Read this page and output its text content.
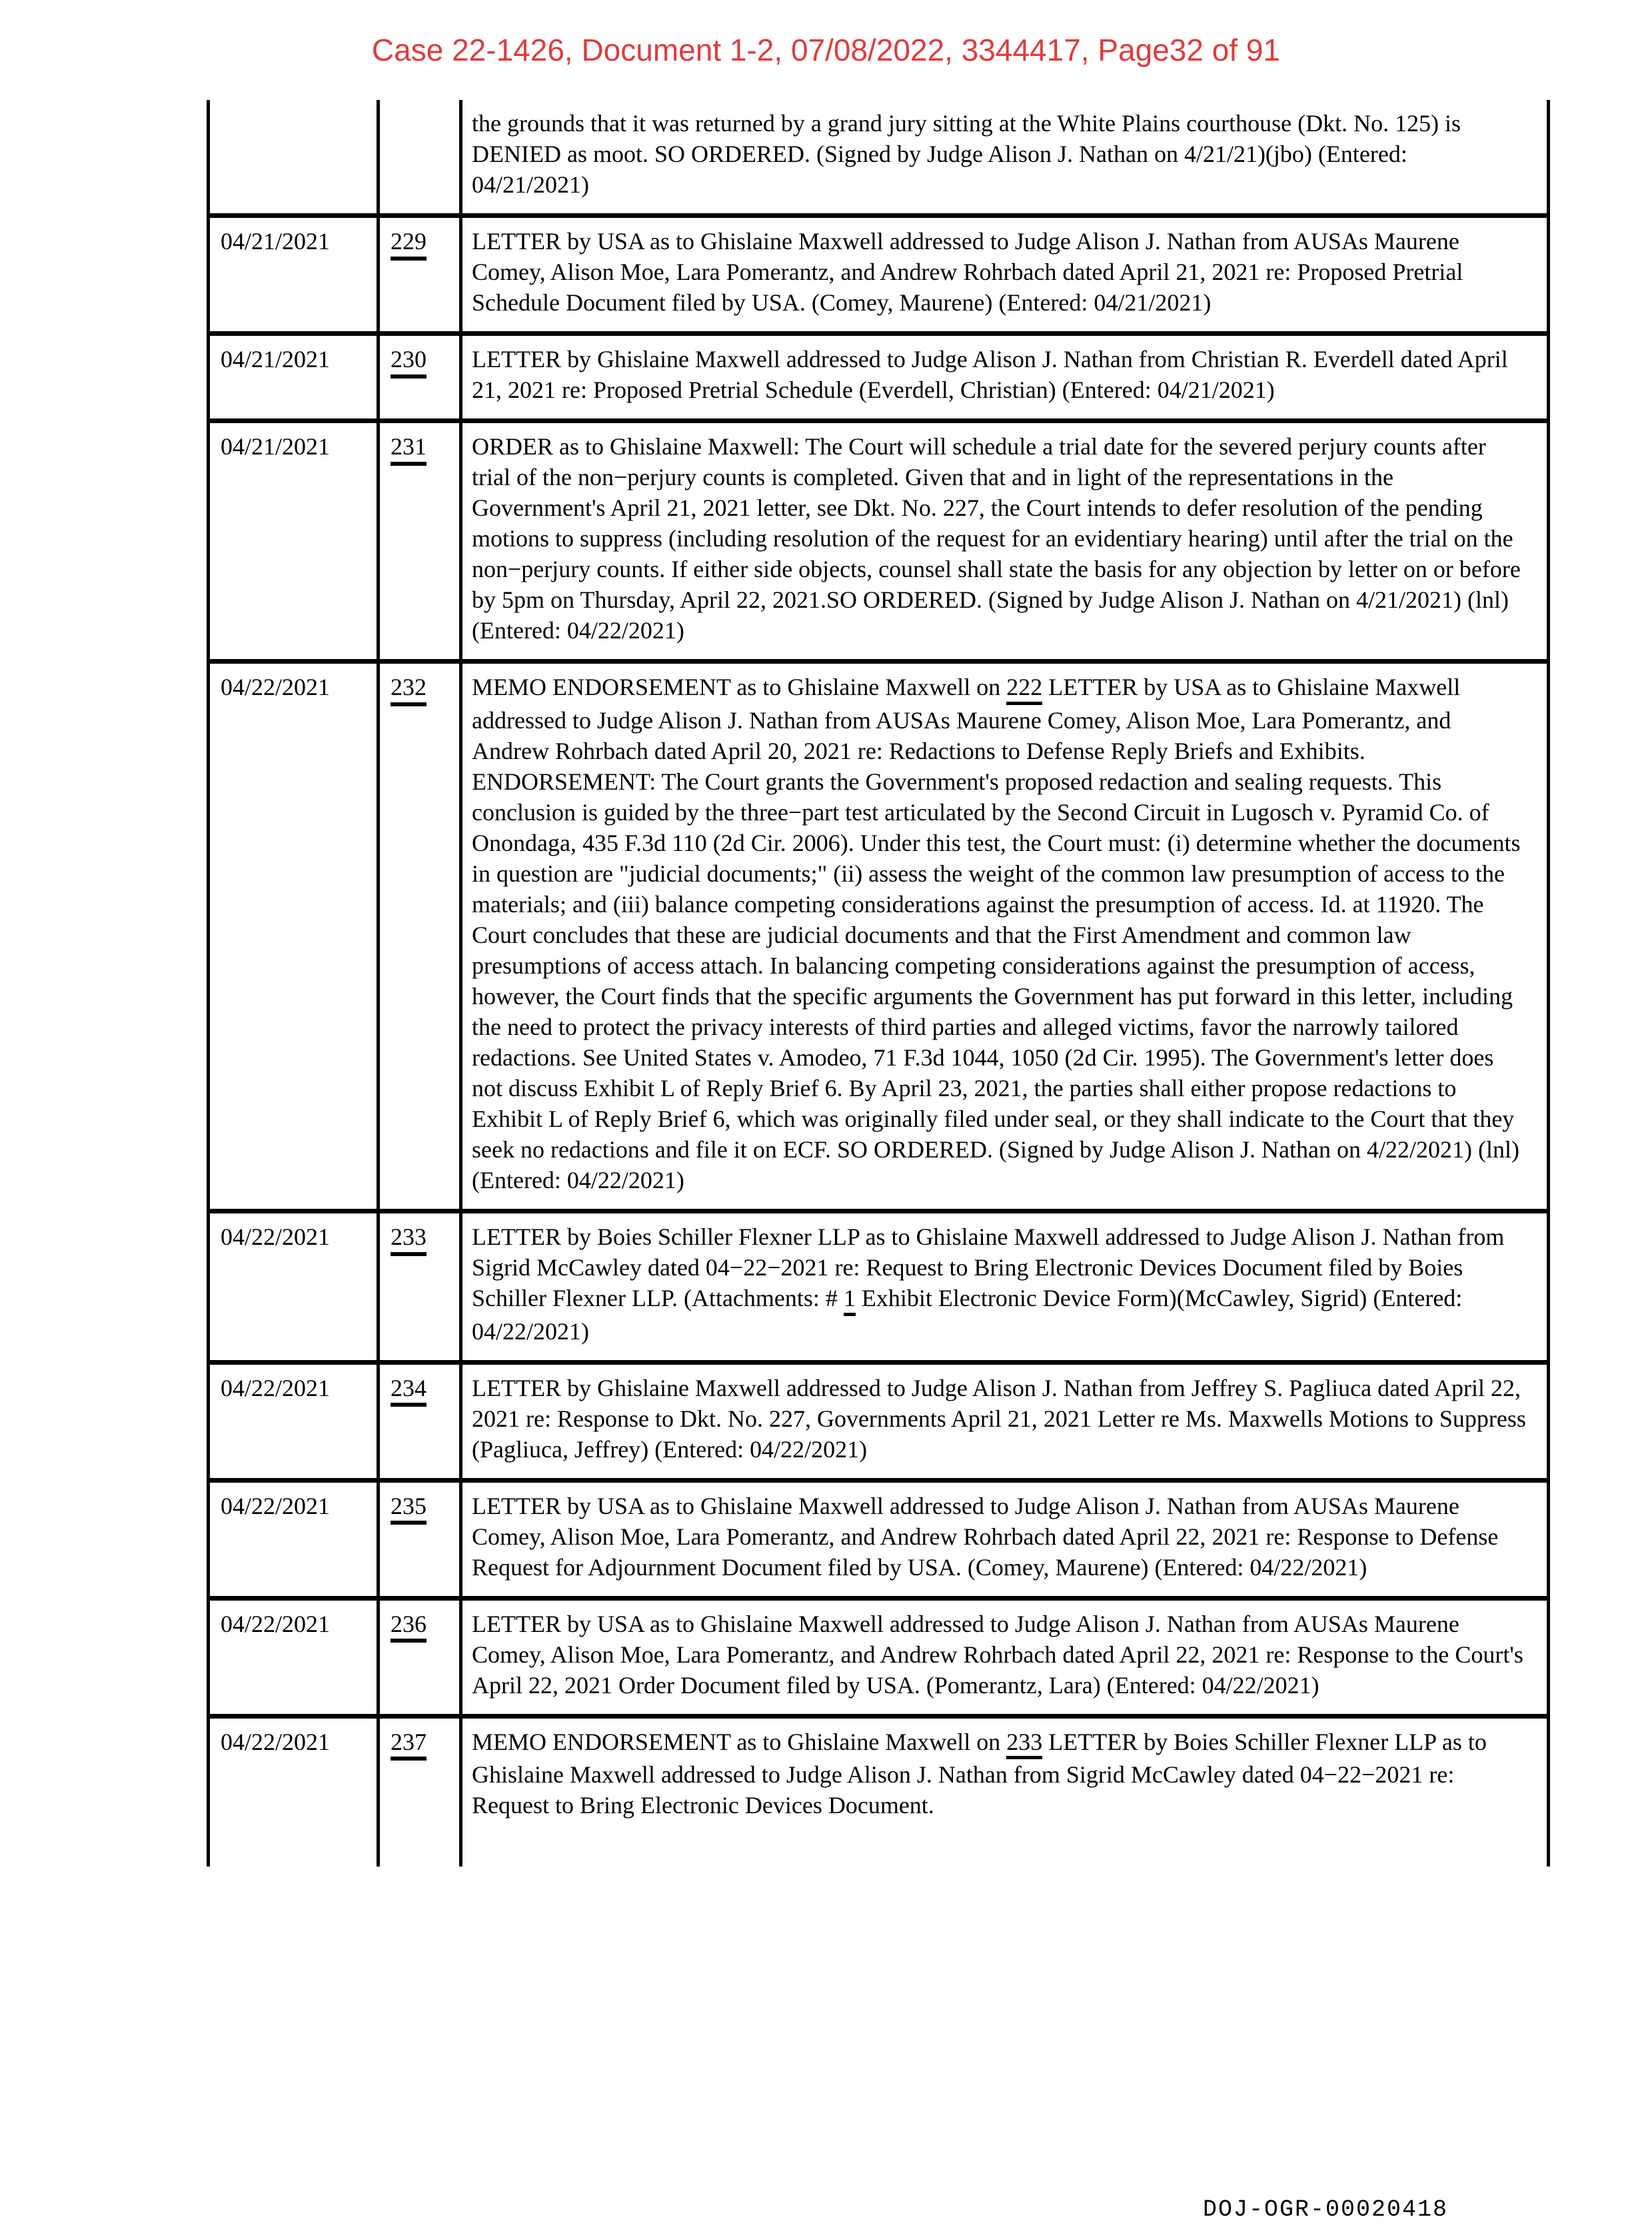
Case 22-1426, Document 1-2, 07/08/2022, 3344417, Page32 of 91
		the grounds that it was returned by a grand jury sitting at the White Plains courthouse (Dkt. No. 125) is DENIED as moot. SO ORDERED. (Signed by Judge Alison J. Nathan on 4/21/21)(jbo) (Entered: 04/21/2021)
04/21/2021	229	LETTER by USA as to Ghislaine Maxwell addressed to Judge Alison J. Nathan from AUSAs Maurene Comey, Alison Moe, Lara Pomerantz, and Andrew Rohrbach dated April 21, 2021 re: Proposed Pretrial Schedule Document filed by USA. (Comey, Maurene) (Entered: 04/21/2021)
04/21/2021	230	LETTER by Ghislaine Maxwell addressed to Judge Alison J. Nathan from Christian R. Everdell dated April 21, 2021 re: Proposed Pretrial Schedule (Everdell, Christian) (Entered: 04/21/2021)
04/21/2021	231	ORDER as to Ghislaine Maxwell: The Court will schedule a trial date for the severed perjury counts after trial of the non−perjury counts is completed. Given that and in light of the representations in the Government's April 21, 2021 letter, see Dkt. No. 227, the Court intends to defer resolution of the pending motions to suppress (including resolution of the request for an evidentiary hearing) until after the trial on the non−perjury counts. If either side objects, counsel shall state the basis for any objection by letter on or before by 5pm on Thursday, April 22, 2021.SO ORDERED. (Signed by Judge Alison J. Nathan on 4/21/2021) (lnl) (Entered: 04/22/2021)
04/22/2021	232	MEMO ENDORSEMENT as to Ghislaine Maxwell on 222 LETTER by USA as to Ghislaine Maxwell addressed to Judge Alison J. Nathan from AUSAs Maurene Comey, Alison Moe, Lara Pomerantz, and Andrew Rohrbach dated April 20, 2021 re: Redactions to Defense Reply Briefs and Exhibits. ENDORSEMENT: The Court grants the Government's proposed redaction and sealing requests. This conclusion is guided by the three−part test articulated by the Second Circuit in Lugosch v. Pyramid Co. of Onondaga, 435 F.3d 110 (2d Cir. 2006). Under this test, the Court must: (i) determine whether the documents in question are "judicial documents;" (ii) assess the weight of the common law presumption of access to the materials; and (iii) balance competing considerations against the presumption of access. Id. at 11920. The Court concludes that these are judicial documents and that the First Amendment and common law presumptions of access attach. In balancing competing considerations against the presumption of access, however, the Court finds that the specific arguments the Government has put forward in this letter, including the need to protect the privacy interests of third parties and alleged victims, favor the narrowly tailored redactions. See United States v. Amodeo, 71 F.3d 1044, 1050 (2d Cir. 1995). The Government's letter does not discuss Exhibit L of Reply Brief 6. By April 23, 2021, the parties shall either propose redactions to Exhibit L of Reply Brief 6, which was originally filed under seal, or they shall indicate to the Court that they seek no redactions and file it on ECF. SO ORDERED. (Signed by Judge Alison J. Nathan on 4/22/2021) (lnl) (Entered: 04/22/2021)
04/22/2021	233	LETTER by Boies Schiller Flexner LLP as to Ghislaine Maxwell addressed to Judge Alison J. Nathan from Sigrid McCawley dated 04−22−2021 re: Request to Bring Electronic Devices Document filed by Boies Schiller Flexner LLP. (Attachments: # 1 Exhibit Electronic Device Form)(McCawley, Sigrid) (Entered: 04/22/2021)
04/22/2021	234	LETTER by Ghislaine Maxwell addressed to Judge Alison J. Nathan from Jeffrey S. Pagliuca dated April 22, 2021 re: Response to Dkt. No. 227, Governments April 21, 2021 Letter re Ms. Maxwells Motions to Suppress (Pagliuca, Jeffrey) (Entered: 04/22/2021)
04/22/2021	235	LETTER by USA as to Ghislaine Maxwell addressed to Judge Alison J. Nathan from AUSAs Maurene Comey, Alison Moe, Lara Pomerantz, and Andrew Rohrbach dated April 22, 2021 re: Response to Defense Request for Adjournment Document filed by USA. (Comey, Maurene) (Entered: 04/22/2021)
04/22/2021	236	LETTER by USA as to Ghislaine Maxwell addressed to Judge Alison J. Nathan from AUSAs Maurene Comey, Alison Moe, Lara Pomerantz, and Andrew Rohrbach dated April 22, 2021 re: Response to the Court's April 22, 2021 Order Document filed by USA. (Pomerantz, Lara) (Entered: 04/22/2021)
04/22/2021	237	MEMO ENDORSEMENT as to Ghislaine Maxwell on 233 LETTER by Boies Schiller Flexner LLP as to Ghislaine Maxwell addressed to Judge Alison J. Nathan from Sigrid McCawley dated 04−22−2021 re: Request to Bring Electronic Devices Document.
DOJ-OGR-00020418
